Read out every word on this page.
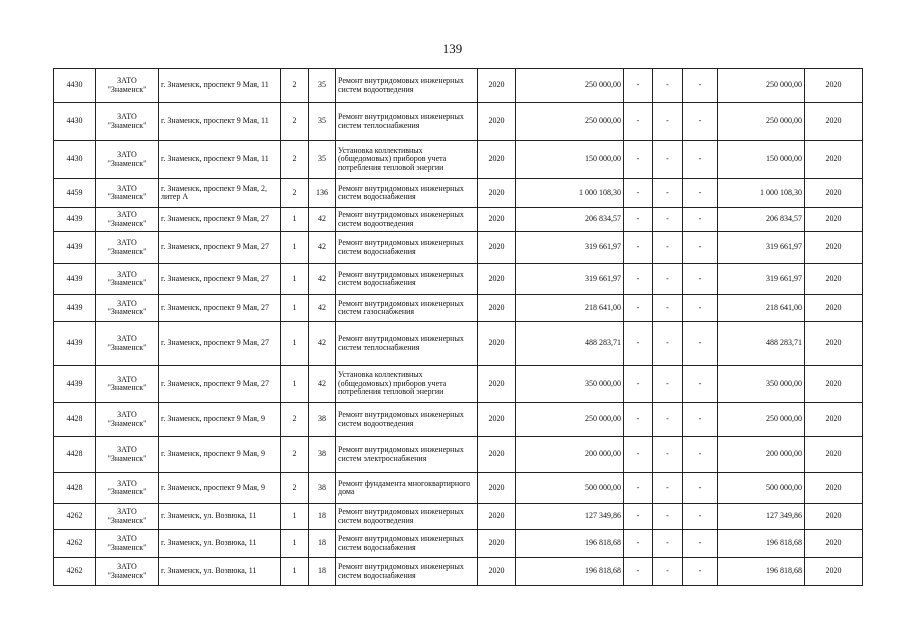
139
4430	ЗАТО "Знаменск"	г. Знаменск, проспект 9 Мая, 11	2	35	Ремонт внутридомовых инженерных систем водоотведения	2020	250 000,00	-	-	-	250 000,00	2020
4430	ЗАТО "Знаменск"	г. Знаменск, проспект 9 Мая, 11	2	35	Ремонт внутридомовых инженерных систем теплоснабжения	2020	250 000,00	-	-	-	250 000,00	2020
4430	ЗАТО "Знаменск"	г. Знаменск, проспект 9 Мая, 11	2	35	Установка коллективных (общедомовых) приборов учета потребления тепловой энергии	2020	150 000,00	-	-	-	150 000,00	2020
4459	ЗАТО "Знаменск"	г. Знаменск, проспект 9 Мая, 2, литер А	2	136	Ремонт внутридомовых инженерных систем водоснабжения	2020	1 000 108,30	-	-	-	1 000 108,30	2020
4439	ЗАТО "Знаменск"	г. Знаменск, проспект 9 Мая, 27	1	42	Ремонт внутридомовых инженерных систем водоотведения	2020	206 834,57	-	-	-	206 834,57	2020
4439	ЗАТО "Знаменск"	г. Знаменск, проспект 9 Мая, 27	1	42	Ремонт внутридомовых инженерных систем водоснабжения	2020	319 661,97	-	-	-	319 661,97	2020
4439	ЗАТО "Знаменск"	г. Знаменск, проспект 9 Мая, 27	1	42	Ремонт внутридомовых инженерных систем водоснабжения	2020	319 661,97	-	-	-	319 661,97	2020
4439	ЗАТО "Знаменск"	г. Знаменск, проспект 9 Мая, 27	1	42	Ремонт внутридомовых инженерных систем газоснабжения	2020	218 641,00	-	-	-	218 641,00	2020
4439	ЗАТО "Знаменск"	г. Знаменск, проспект 9 Мая, 27	1	42	Ремонт внутридомовых инженерных систем теплоснабжения	2020	488 283,71	-	-	-	488 283,71	2020
4439	ЗАТО "Знаменск"	г. Знаменск, проспект 9 Мая, 27	1	42	Установка коллективных (общедомовых) приборов учета потребления тепловой энергии	2020	350 000,00	-	-	-	350 000,00	2020
4428	ЗАТО "Знаменск"	г. Знаменск, проспект 9 Мая, 9	2	38	Ремонт внутридомовых инженерных систем водоотведения	2020	250 000,00	-	-	-	250 000,00	2020
4428	ЗАТО "Знаменск"	г. Знаменск, проспект 9 Мая, 9	2	38	Ремонт внутридомовых инженерных систем электроснабжения	2020	200 000,00	-	-	-	200 000,00	2020
4428	ЗАТО "Знаменск"	г. Знаменск, проспект 9 Мая, 9	2	38	Ремонт фундамента многоквартирного дома	2020	500 000,00	-	-	-	500 000,00	2020
4262	ЗАТО "Знаменск"	г. Знаменск, ул. Возвюка, 11	1	18	Ремонт внутридомовых инженерных систем водоотведения	2020	127 349,86	-	-	-	127 349,86	2020
4262	ЗАТО "Знаменск"	г. Знаменск, ул. Возвюка, 11	1	18	Ремонт внутридомовых инженерных систем водоснабжения	2020	196 818,68	-	-	-	196 818,68	2020
4262	ЗАТО "Знаменск"	г. Знаменск, ул. Возвюка, 11	1	18	Ремонт внутридомовых инженерных систем водоснабжения	2020	196 818,68	-	-	-	196 818,68	2020
